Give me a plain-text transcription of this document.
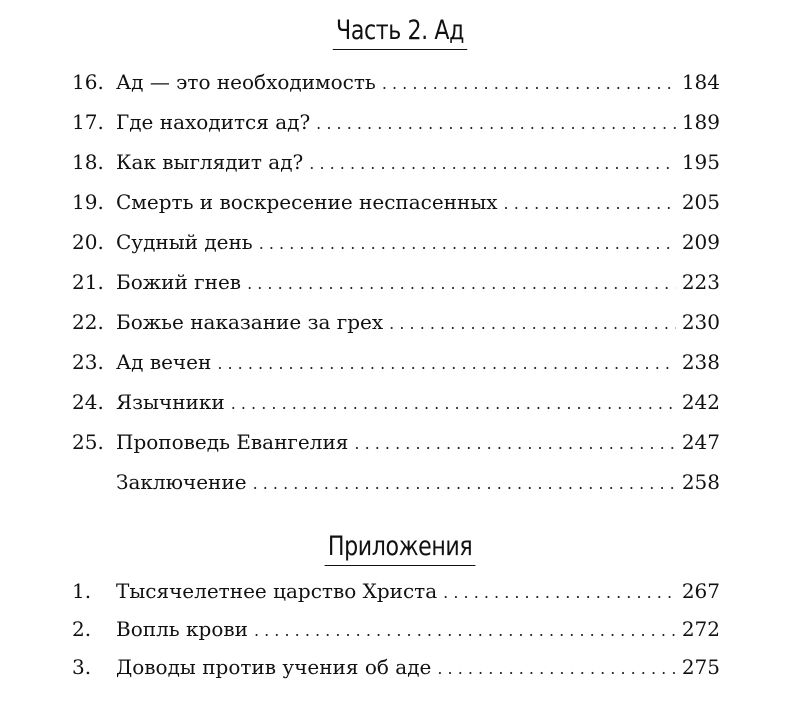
Часть 2. Ад
16. Ад — это необходимость . . .	184
17. Где находится ад? . . .	189
18. Как выглядит ад? . . .	195
19. Смерть и воскресение неспасенных . . .	205
20. Судный день . . .	209
21. Божий гнев . . .	223
22. Божье наказание за грех . . .	230
23. Ад вечен . . .	238
24. Язычники . . .	242
25. Проповедь Евангелия . . .	247
Заключение . . .	258
Приложения
1.	Тысячелетнее царство Христа . . .	267
2.	Вопль крови . . .	272
3.	Доводы против учения об аде . . .	275
